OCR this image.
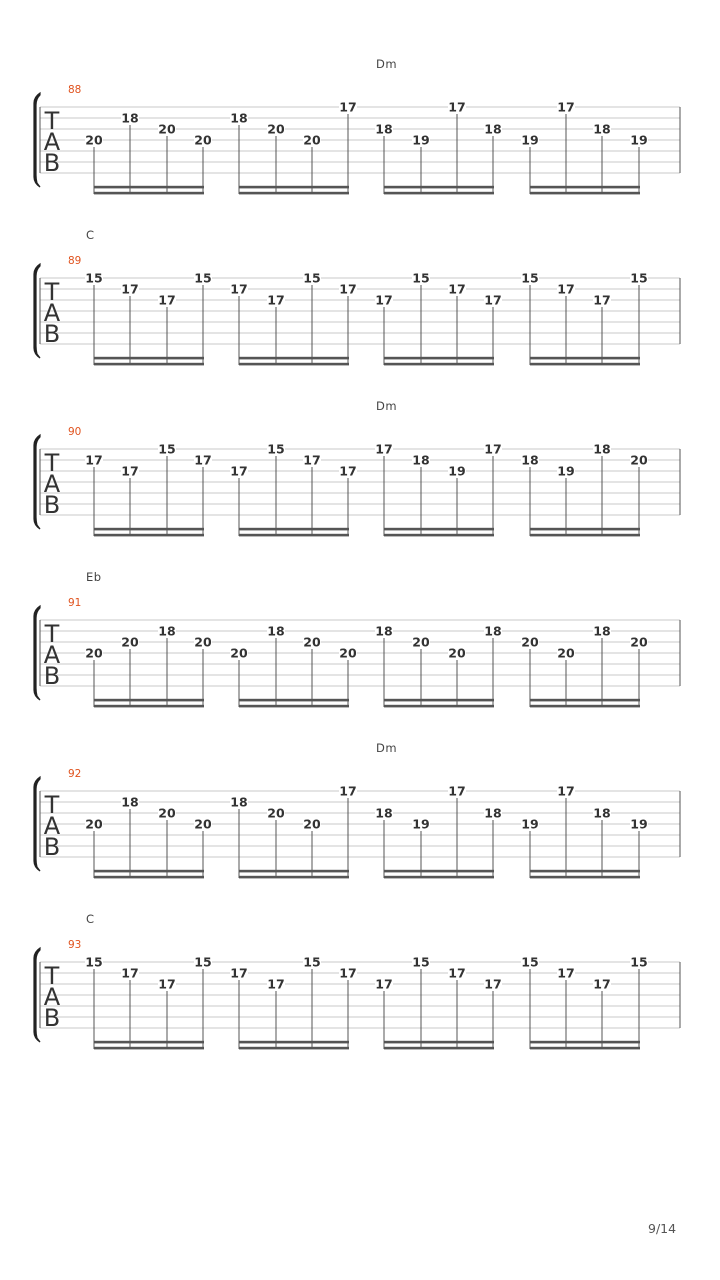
Dm
88
T
A
B
20
18
20
20
18
20
20
17
18
19
17
18
19
17
18
19
C
89
T
A
B
15
17
17
15
17
17
15
17
17
15
17
17
15
17
17
15
Dm
90
T
A
B
17
17
15
17
17
15
17
17
17
18
19
17
18
19
18
20
Eb
91
T
A
B
20
20
18
20
20
18
20
20
18
20
20
18
20
20
18
20
Dm
92
T
A
B
20
18
20
20
18
20
20
17
18
19
17
18
19
17
18
19
C
93
T
A
B
15
17
17
15
17
17
15
17
17
15
17
17
15
17
17
15
9/14
